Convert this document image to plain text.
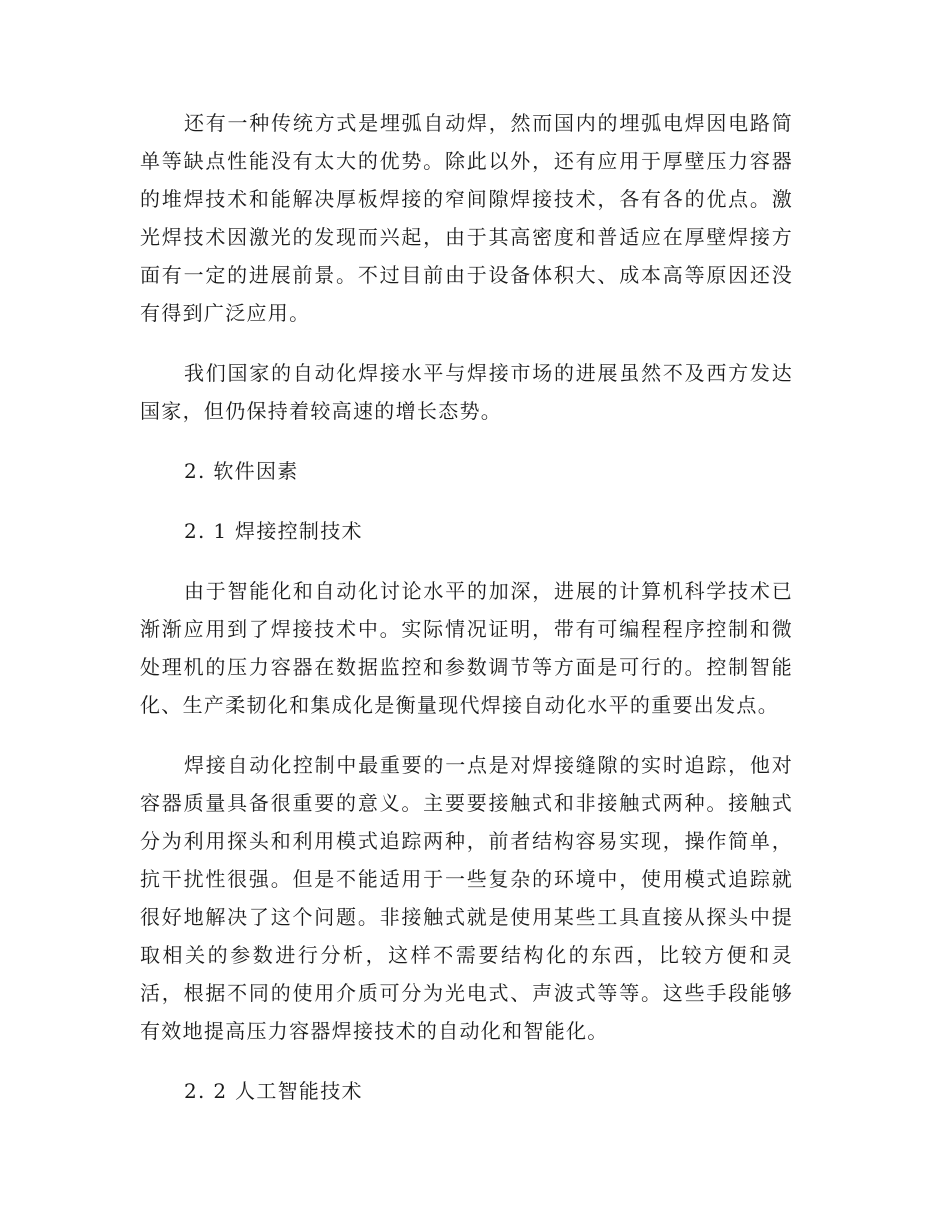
还有一种传统方式是埋弧自动焊，然而国内的埋弧电焊因电路简单等缺点性能没有太大的优势。除此以外，还有应用于厚壁压力容器的堆焊技术和能解决厚板焊接的窄间隙焊接技术，各有各的优点。激光焊技术因激光的发现而兴起，由于其高密度和普适应在厚壁焊接方面有一定的进展前景。不过目前由于设备体积大、成本高等原因还没有得到广泛应用。

我们国家的自动化焊接水平与焊接市场的进展虽然不及西方发达国家，但仍保持着较高速的增长态势。

2. 软件因素

2. 1 焊接控制技术

由于智能化和自动化讨论水平的加深，进展的计算机科学技术已渐渐应用到了焊接技术中。实际情况证明，带有可编程程序控制和微处理机的压力容器在数据监控和参数调节等方面是可行的。控制智能化、生产柔韧化和集成化是衡量现代焊接自动化水平的重要出发点。

焊接自动化控制中最重要的一点是对焊接缝隙的实时追踪，他对容器质量具备很重要的意义。主要要接触式和非接触式两种。接触式分为利用探头和利用模式追踪两种，前者结构容易实现，操作简单，抗干扰性很强。但是不能适用于一些复杂的环境中，使用模式追踪就很好地解决了这个问题。非接触式就是使用某些工具直接从探头中提取相关的参数进行分析，这样不需要结构化的东西，比较方便和灵活，根据不同的使用介质可分为光电式、声波式等等。这些手段能够有效地提高压力容器焊接技术的自动化和智能化。

2. 2 人工智能技术
